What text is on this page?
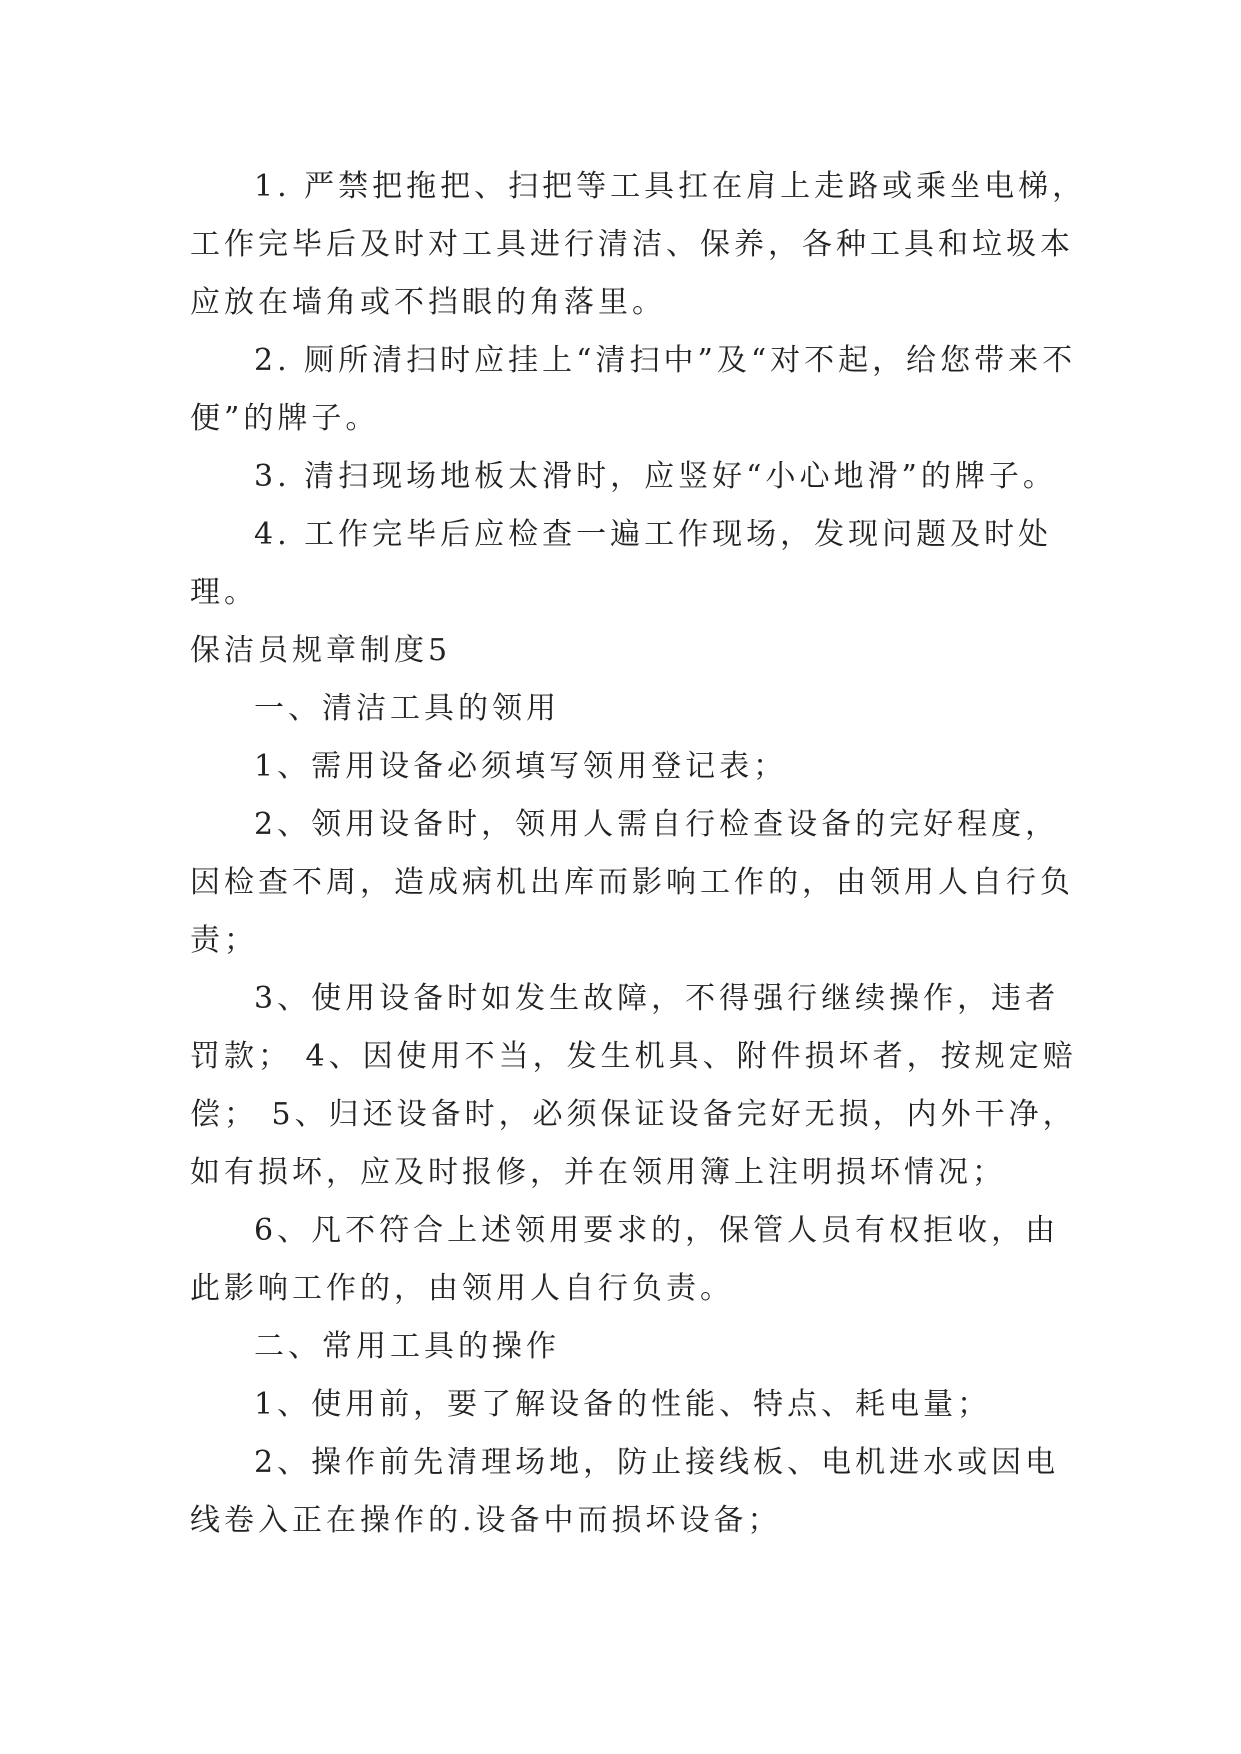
1. 严禁把拖把、扫把等工具扛在肩上走路或乘坐电梯，工作完毕后及时对工具进行清洁、保养，各种工具和垃圾本应放在墙角或不挡眼的角落里。

2. 厕所清扫时应挂上“清扫中”及“对不起，给您带来不便”的牌子。

3. 清扫现场地板太滑时，应竖好“小心地滑”的牌子。

4. 工作完毕后应检查一遍工作现场，发现问题及时处理。

保洁员规章制度5

一、清洁工具的领用

1、需用设备必须填写领用登记表；

2、领用设备时，领用人需自行检查设备的完好程度，因检查不周，造成病机出库而影响工作的，由领用人自行负责；

3、使用设备时如发生故障，不得强行继续操作，违者罚款； 4、因使用不当，发生机具、附件损坏者，按规定赔偿； 5、归还设备时，必须保证设备完好无损，内外干净，如有损坏，应及时报修，并在领用簿上注明损坏情况；

6、凡不符合上述领用要求的，保管人员有权拒收，由此影响工作的，由领用人自行负责。

二、常用工具的操作

1、使用前，要了解设备的性能、特点、耗电量；

2、操作前先清理场地，防止接线板、电机进水或因电线卷入正在操作的.设备中而损坏设备；
